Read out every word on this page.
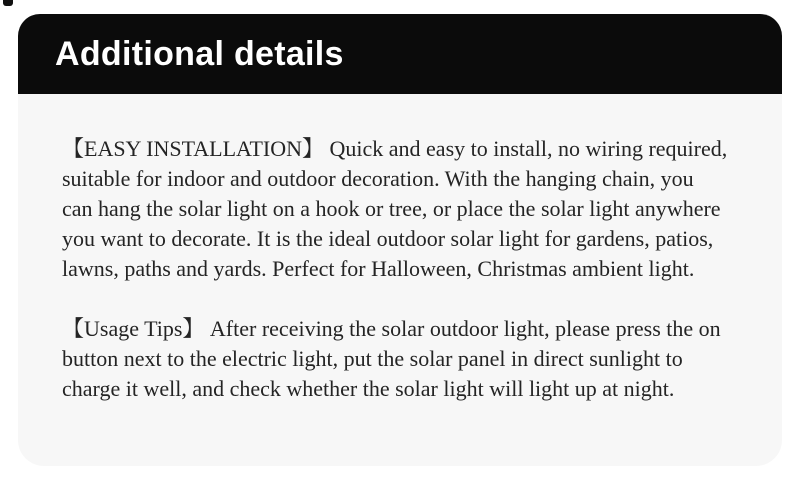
Additional details

【EASY INSTALLATION】 Quick and easy to install, no wiring required,
suitable for indoor and outdoor decoration. With the hanging chain, you
can hang the solar light on a hook or tree, or place the solar light anywhere
you want to decorate. It is the ideal outdoor solar light for gardens, patios,
lawns, paths and yards. Perfect for Halloween, Christmas ambient light.

【Usage Tips】 After receiving the solar outdoor light, please press the on
button next to the electric light, put the solar panel in direct sunlight to
charge it well, and check whether the solar light will light up at night.
